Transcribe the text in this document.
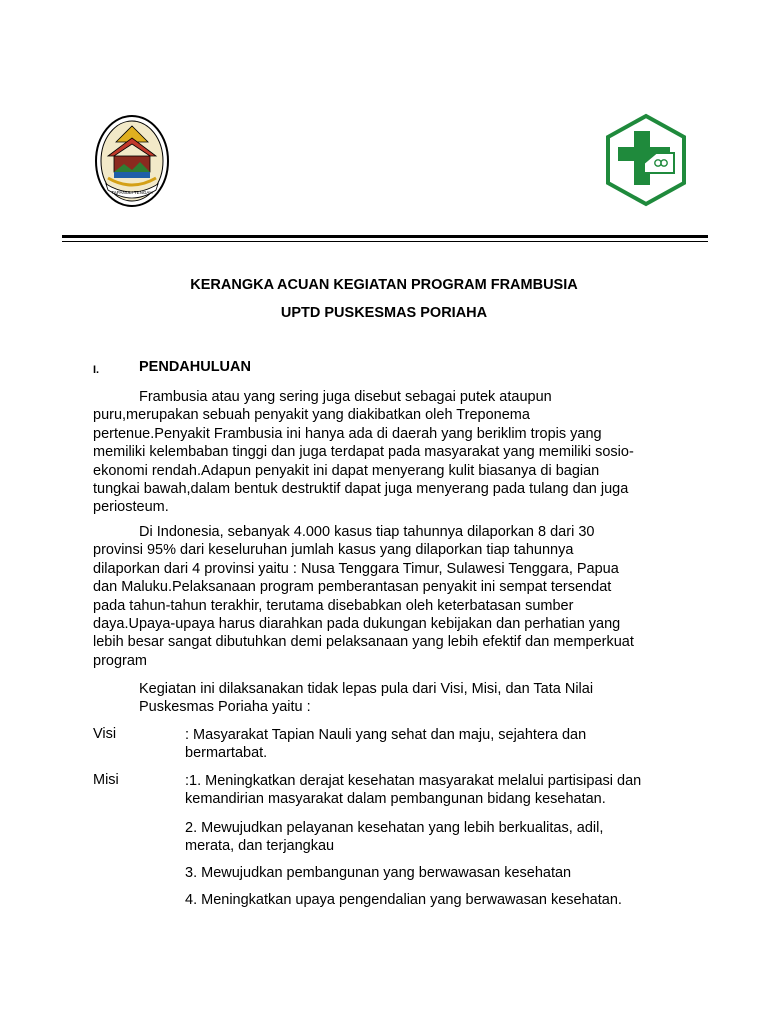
TAPANULI TENGAH
KERANGKA ACUAN KEGIATAN PROGRAM FRAMBUSIA
UPTD PUSKESMAS PORIAHA
I.	PENDAHULUAN

Frambusia atau yang sering juga disebut sebagai putek ataupun
puru,merupakan sebuah penyakit yang diakibatkan oleh Treponema
pertenue.Penyakit Frambusia ini hanya ada di daerah yang beriklim tropis yang
memiliki kelembaban tinggi dan juga terdapat pada masyarakat yang memiliki sosio-
ekonomi rendah.Adapun penyakit ini dapat menyerang kulit biasanya di bagian
tungkai bawah,dalam bentuk destruktif dapat juga menyerang pada tulang dan juga
periosteum.

Di Indonesia, sebanyak 4.000 kasus tiap tahunnya dilaporkan 8 dari 30
provinsi 95% dari keseluruhan jumlah kasus yang dilaporkan tiap tahunnya
dilaporkan dari 4 provinsi yaitu : Nusa Tenggara Timur, Sulawesi Tenggara, Papua
dan Maluku.Pelaksanaan program pemberantasan penyakit ini sempat tersendat
pada tahun-tahun terakhir, terutama disebabkan oleh keterbatasan sumber
daya.Upaya-upaya harus diarahkan pada dukungan kebijakan dan perhatian yang
lebih besar sangat dibutuhkan demi pelaksanaan yang lebih efektif dan memperkuat
program

Kegiatan ini dilaksanakan tidak lepas pula dari Visi, Misi, dan Tata Nilai
Puskesmas Poriaha yaitu :

Visi	: Masyarakat Tapian Nauli yang sehat dan maju, sejahtera dan
bermartabat.
Misi	:1. Meningkatkan derajat kesehatan masyarakat melalui partisipasi dan
kemandirian masyarakat dalam pembangunan bidang kesehatan.
2. Mewujudkan pelayanan kesehatan yang lebih berkualitas, adil,
merata, dan terjangkau
3. Mewujudkan pembangunan yang berwawasan kesehatan
4. Meningkatkan upaya pengendalian yang berwawasan kesehatan.
